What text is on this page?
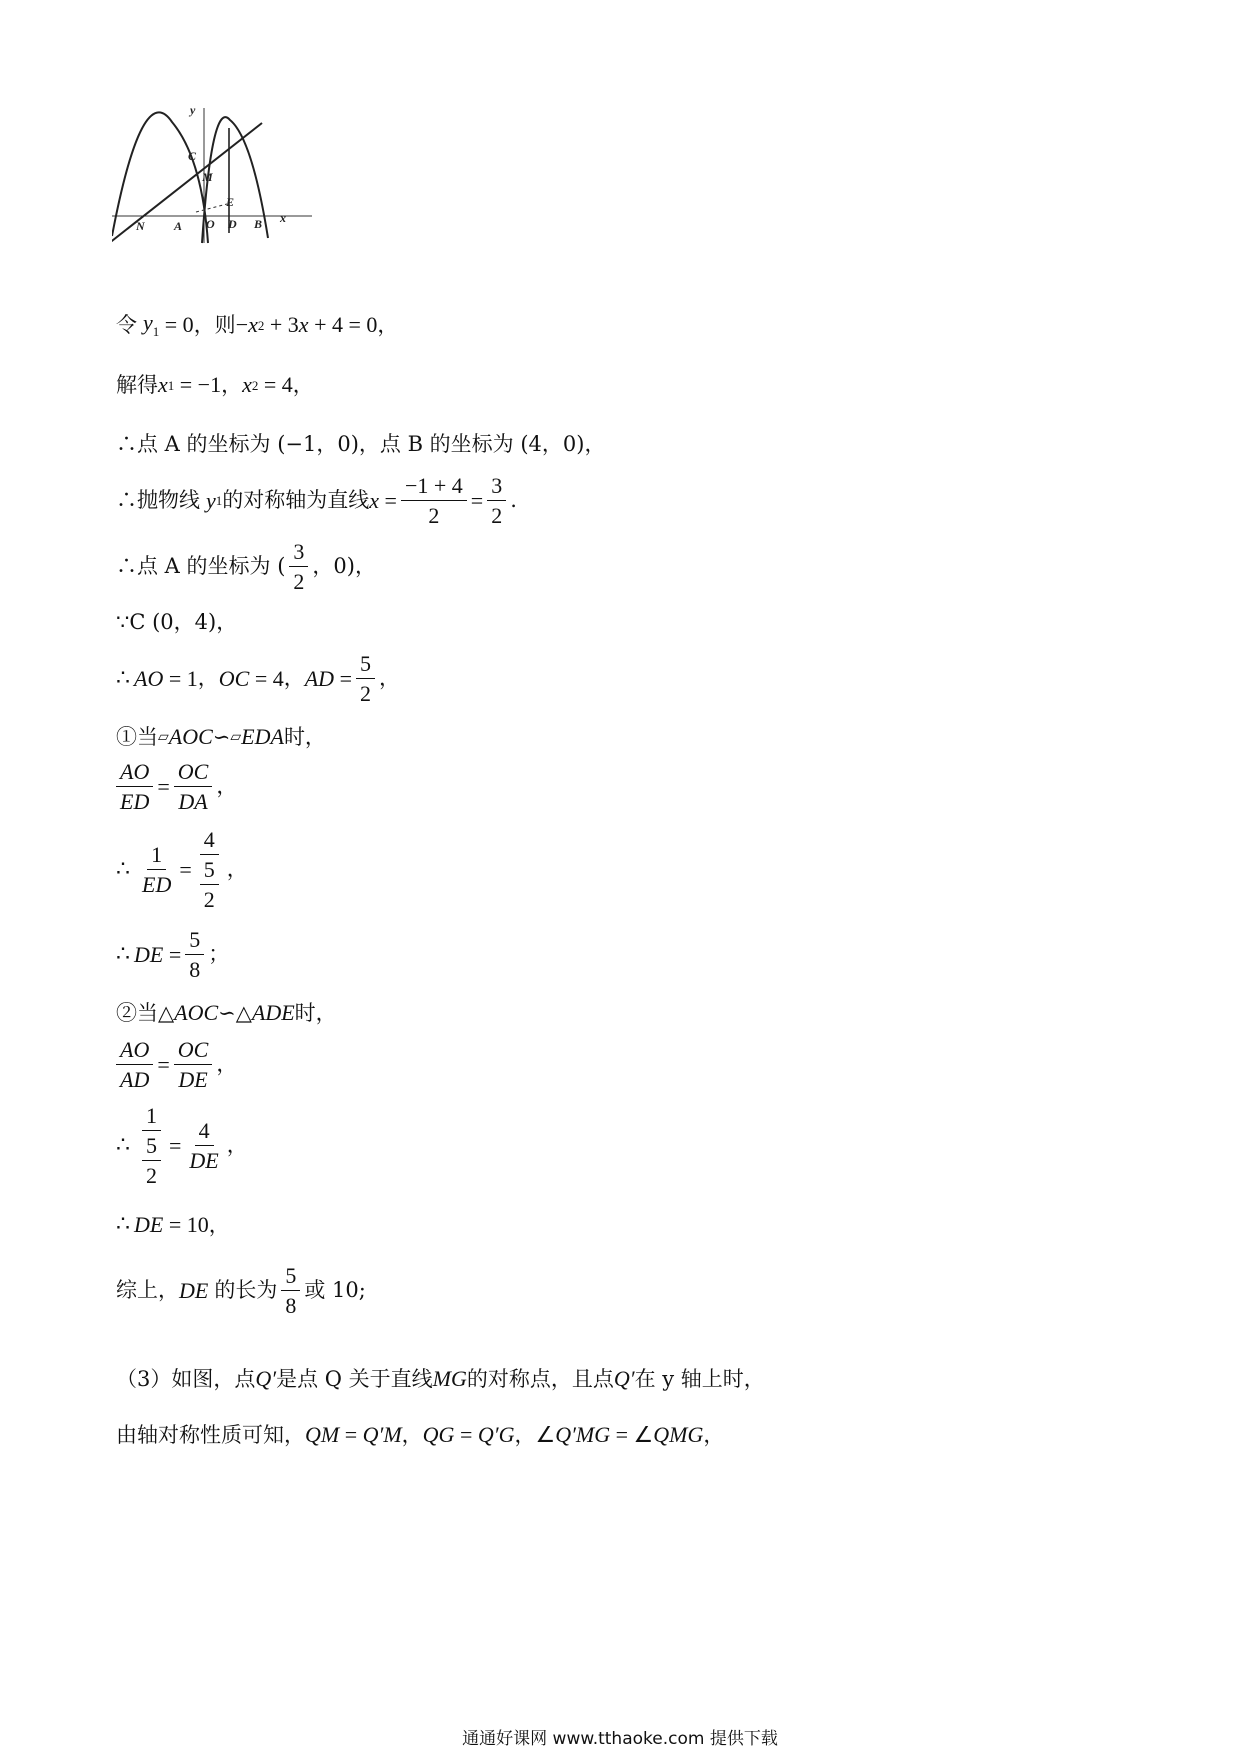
y
x
C
M
E
N A O D B
令 $y_1 = 0$ ，则 − x 2 + 3 x + 4 = 0 ，
解得 x 1 = −1 ， x 2 = 4 ，
∴点 A 的坐标为 (−1，0)，点 B 的坐标为 (4，0)，
∴抛物线 y 1 的对称轴为直线 $x = \frac{-1 + 4}{2} = \frac{3}{2}$ .
∴点 A 的坐标为 ( $\frac{3}{2}$ ，0)，
∵C (0，4)，
∴ AO = 1 ， OC = 4 ， AD = $\frac{5}{2}$ ，
①当 ▱ AOC ∽ ▱ EDA 时，
$\frac{AO}{ED} = \frac{OC}{DA}$ ，
∴ $\frac{1}{ED} = \frac{4}{\frac{5}{2}}$ ，
∴ DE = $\frac{5}{8}$ ；
②当△ AOC ∽△ ADE 时，
$\frac{AO}{AD} = \frac{OC}{DE}$ ，
∴ $\frac{1}{\frac{5}{2}} = \frac{4}{DE}$ ，
∴ DE = 10 ，
综上， DE 的长为 $\frac{5}{8}$ 或 10;
（3）如图，点 Q′ 是点 Q 关于直线 MG 的对称点，且点 Q′ 在 y 轴上时，
由轴对称性质可知， QM = Q′M ， QG = Q′G ， ∠ Q′MG = ∠ QMG ，
通通好课网 www.tthaoke.com 提供下载
